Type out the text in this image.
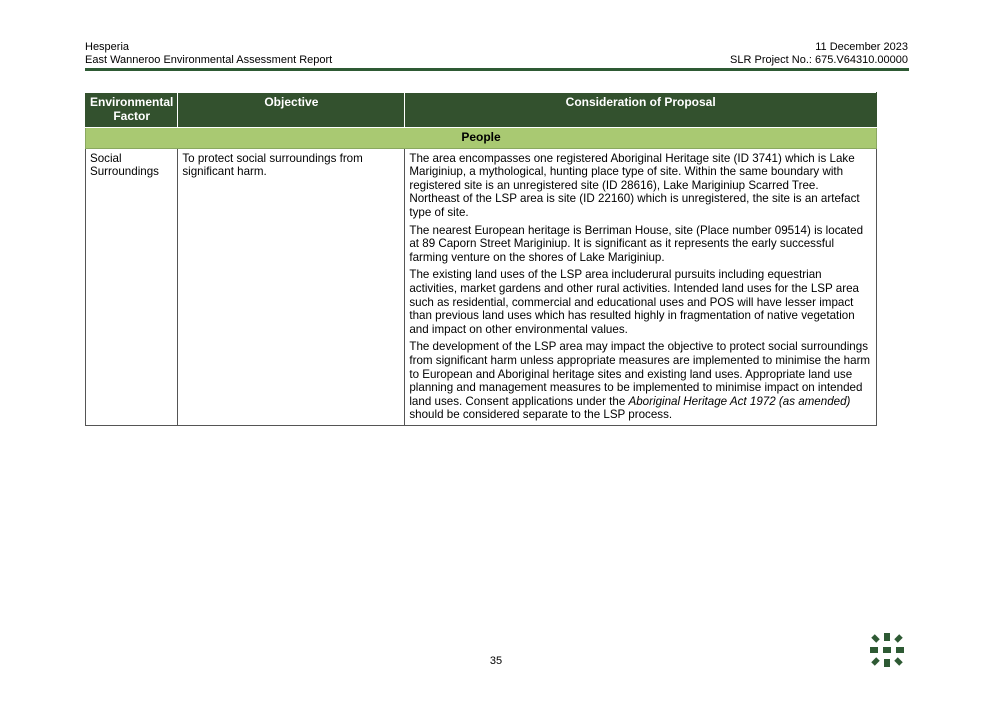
Hesperia
East Wanneroo Environmental Assessment Report
11 December 2023
SLR Project No.: 675.V64310.00000
Environmental Factor	Objective	Consideration of Proposal
People		
Social Surroundings	To protect social surroundings from significant harm.	The area encompasses one registered Aboriginal Heritage site (ID 3741) which is Lake Mariginiup, a mythological, hunting place type of site. Within the same boundary with registered site is an unregistered site (ID 28616), Lake Mariginiup Scarred Tree. Northeast of the LSP area is site (ID 22160) which is unregistered, the site is an artefact type of site.

The nearest European heritage is Berriman House, site (Place number 09514) is located at 89 Caporn Street Mariginiup. It is significant as it represents the early successful farming venture on the shores of Lake Mariginiup.

The existing land uses of the LSP area includerural pursuits including equestrian activities, market gardens and other rural activities. Intended land uses for the LSP area such as residential, commercial and educational uses and POS will have lesser impact than previous land uses which has resulted highly in fragmentation of native vegetation and impact on other environmental values.

The development of the LSP area may impact the objective to protect social surroundings from significant harm unless appropriate measures are implemented to minimise the harm to European and Aboriginal heritage sites and existing land uses. Appropriate land use planning and management measures to be implemented to minimise impact on intended land uses. Consent applications under the Aboriginal Heritage Act 1972 (as amended) should be considered separate to the LSP process.

35
